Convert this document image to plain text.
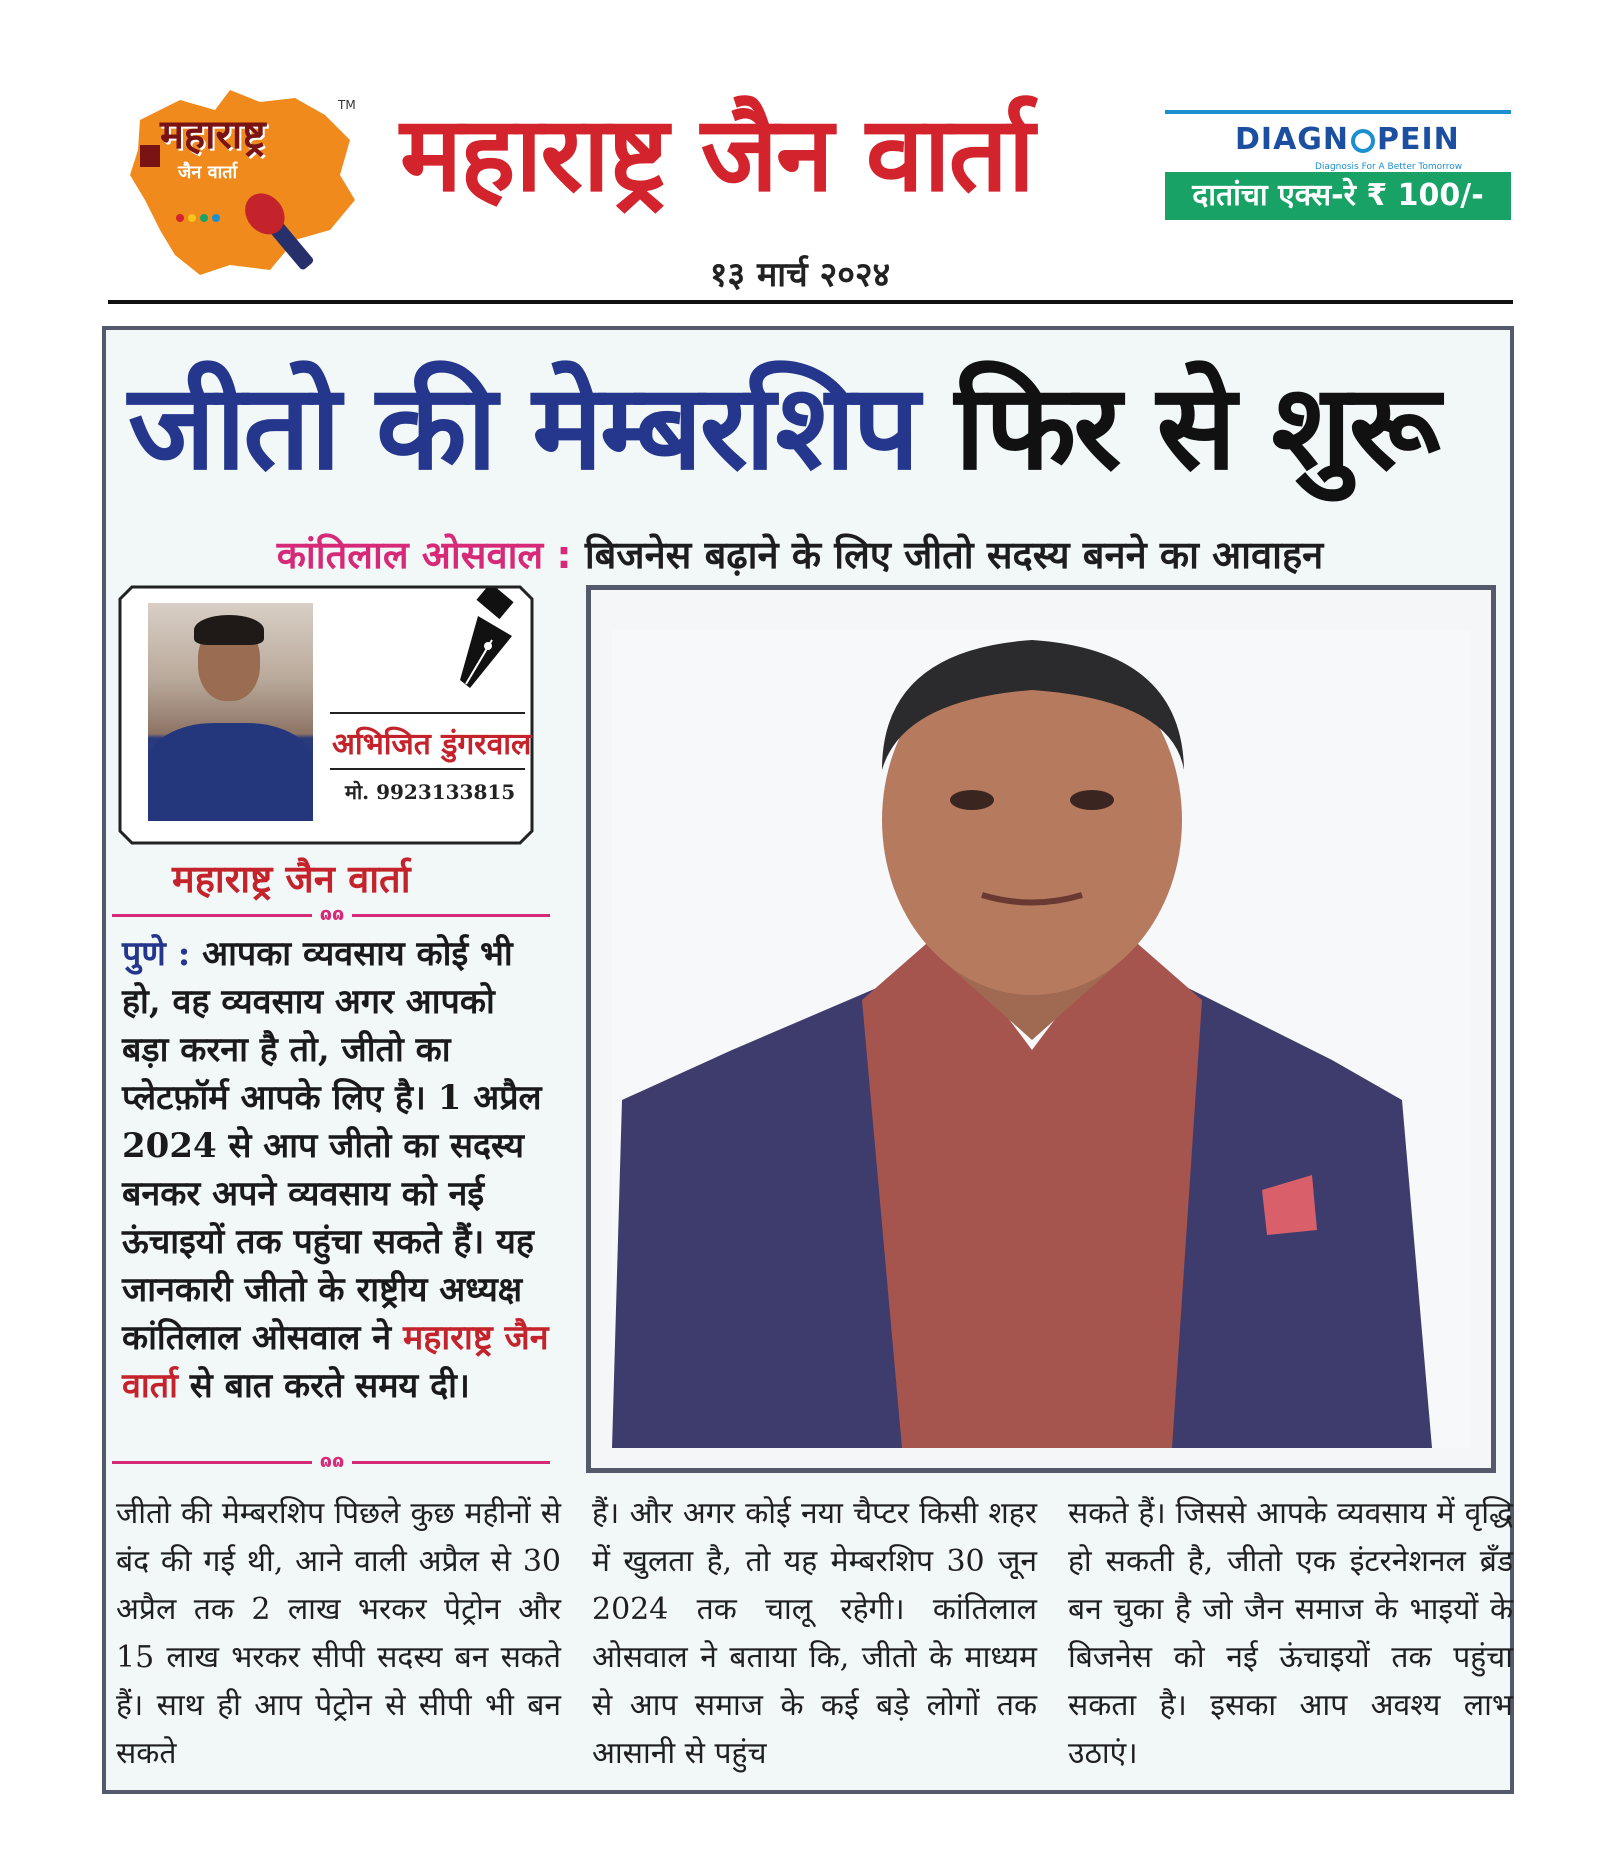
TM
महाराष्ट्र
जैन वार्ता महाराष्ट्र जैन वार्ता
१३ मार्च २०२४
DIAGN PEIN
Diagnosis For A Better Tomorrow
दातांचा एक्स-रे ₹ 100/-
जीतो की मेम्बरशिप फिर से शुरू
कांतिलाल ओसवाल : बिजनेस बढ़ाने के लिए जीतो सदस्य बनने का आवाहन
अभिजित डुंगरवाल
मो. 9923133815
महाराष्ट्र जैन वार्ता
ɷɷ
पुणे : आपका व्यवसाय कोई भी हो, वह व्यवसाय अगर आपको बड़ा करना है तो, जीतो का प्लेटफ़ॉर्म आपके लिए है। 1 अप्रैल 2024 से आप जीतो का सदस्य बनकर अपने व्यवसाय को नई ऊंचाइयों तक पहुंचा सकते हैं। यह जानकारी जीतो के राष्ट्रीय अध्यक्ष कांतिलाल ओसवाल ने महाराष्ट्र जैन वार्ता से बात करते समय दी।
ɷɷ
जीतो की मेम्बरशिप पिछले कुछ महीनों से बंद की गई थी, आने वाली अप्रैल से 30 अप्रैल तक 2 लाख भरकर पेट्रोन और 15 लाख भरकर सीपी सदस्य बन सकते हैं। साथ ही आप पेट्रोन से सीपी भी बन सकते
हैं। और अगर कोई नया चैप्टर किसी शहर में खुलता है, तो यह मेम्बरशिप 30 जून 2024 तक चालू रहेगी। कांतिलाल ओसवाल ने बताया कि, जीतो के माध्यम से आप समाज के कई बड़े लोगों तक आसानी से पहुंच
सकते हैं। जिससे आपके व्यवसाय में वृद्धि हो सकती है, जीतो एक इंटरनेशनल ब्रँड बन चुका है जो जैन समाज के भाइयों के बिजनेस को नई ऊंचाइयों तक पहुंचा सकता है। इसका आप अवश्य लाभ उठाएं।
